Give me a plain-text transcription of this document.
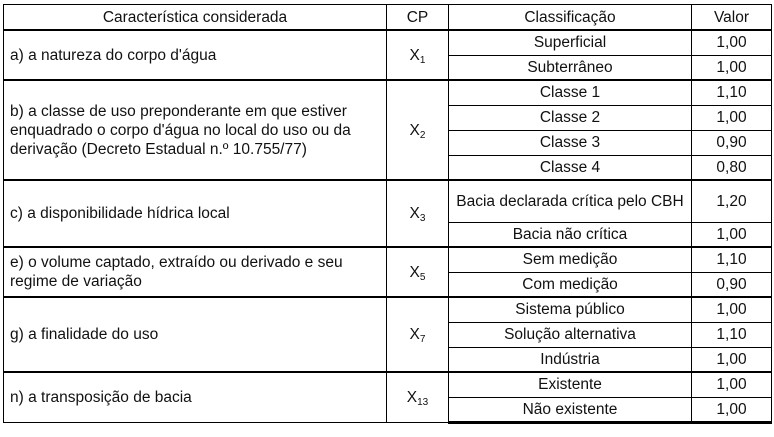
Característica considerada	CP	Classificação	Valor
a) a natureza do corpo d'água	$X_1$	Superficial	1,00
		Subterrâneo	1,00
b) a classe de uso preponderante em que estiver enquadrado o corpo d'água no local do uso ou da derivação (Decreto Estadual n.º 10.755/77)	$X_2$	Classe 1	1,10
		Classe 2	1,00
		Classe 3	0,90
		Classe 4	0,80
c) a disponibilidade hídrica local	$X_3$	Bacia declarada crítica pelo CBH	1,20
		Bacia não crítica	1,00
e) o volume captado, extraído ou derivado e seu regime de variação	$X_5$	Sem medição	1,10
		Com medição	0,90
g) a finalidade do uso	$X_7$	Sistema público	1,00
		Solução alternativa	1,10
		Indústria	1,00
n) a transposição de bacia	$X_{13}$	Existente	1,00
		Não existente	1,00
